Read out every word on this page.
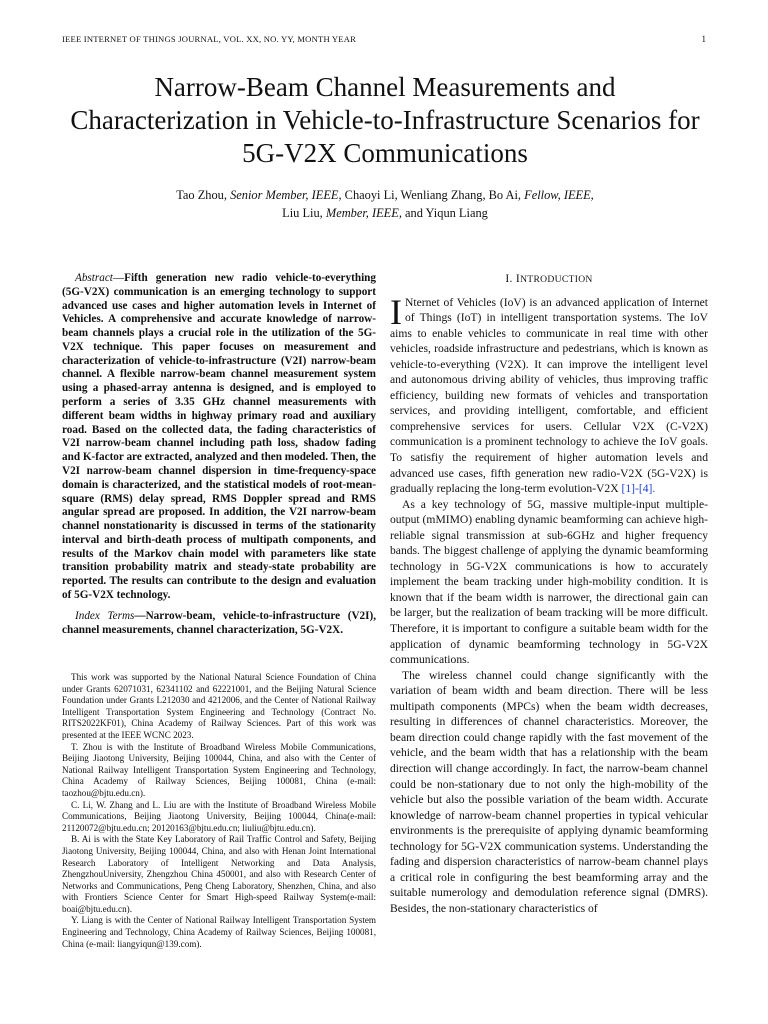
IEEE INTERNET OF THINGS JOURNAL, VOL. XX, NO. YY, MONTH YEAR	1
Narrow-Beam Channel Measurements and Characterization in Vehicle-to-Infrastructure Scenarios for 5G-V2X Communications
Tao Zhou, Senior Member, IEEE, Chaoyi Li, Wenliang Zhang, Bo Ai, Fellow, IEEE,
Liu Liu, Member, IEEE, and Yiqun Liang

Abstract—Fifth generation new radio vehicle-to-everything (5G-V2X) communication is an emerging technology to support advanced use cases and higher automation levels in Internet of Vehicles. A comprehensive and accurate knowledge of narrow-beam channels plays a crucial role in the utilization of the 5G-V2X technique. This paper focuses on measurement and characterization of vehicle-to-infrastructure (V2I) narrow-beam channel. A flexible narrow-beam channel measurement system using a phased-array antenna is designed, and is employed to perform a series of 3.35 GHz channel measurements with different beam widths in highway primary road and auxiliary road. Based on the collected data, the fading characteristics of V2I narrow-beam channel including path loss, shadow fading and K-factor are extracted, analyzed and then modeled. Then, the V2I narrow-beam channel dispersion in time-frequency-space domain is characterized, and the statistical models of root-mean-square (RMS) delay spread, RMS Doppler spread and RMS angular spread are proposed. In addition, the V2I narrow-beam channel nonstationarity is discussed in terms of the stationarity interval and birth-death process of multipath components, and results of the Markov chain model with parameters like state transition probability matrix and steady-state probability are reported. The results can contribute to the design and evaluation of 5G-V2X technology.

Index Terms—Narrow-beam, vehicle-to-infrastructure (V2I), channel measurements, channel characterization, 5G-V2X.

This work was supported by the National Natural Science Foundation of China under Grants 62071031, 62341102 and 62221001, and the Beijing Natural Science Foundation under Grants L212030 and 4212006, and the Center of National Railway Intelligent Transportation System Engineering and Technology (Contract No. RITS2022KF01), China Academy of Railway Sciences. Part of this work was presented at the IEEE WCNC 2023.

T. Zhou is with the Institute of Broadband Wireless Mobile Communications, Beijing Jiaotong University, Beijing 100044, China, and also with the Center of National Railway Intelligent Transportation System Engineering and Technology, China Academy of Railway Sciences, Beijing 100081, China (e-mail: taozhou@bjtu.edu.cn).

C. Li, W. Zhang and L. Liu are with the Institute of Broadband Wireless Mobile Communications, Beijing Jiaotong University, Beijing 100044, China(e-mail: 21120072@bjtu.edu.cn; 20120163@bjtu.edu.cn; liuliu@bjtu.edu.cn).

B. Ai is with the State Key Laboratory of Rail Traffic Control and Safety, Beijing Jiaotong University, Beijing 100044, China, and also with Henan Joint International Research Laboratory of Intelligent Networking and Data Analysis, ZhengzhouUniversity, Zhengzhou China 450001, and also with Research Center of Networks and Communications, Peng Cheng Laboratory, Shenzhen, China, and also with Frontiers Science Center for Smart High-speed Railway System(e-mail: boai@bjtu.edu.cn).

Y. Liang is with the Center of National Railway Intelligent Transportation System Engineering and Technology, China Academy of Railway Sciences, Beijing 100081, China (e-mail: liangyiqun@139.com).

I. INTRODUCTION

I Nternet of Vehicles (IoV) is an advanced application of Internet of Things (IoT) in intelligent transportation systems. The IoV aims to enable vehicles to communicate in real time with other vehicles, roadside infrastructure and pedestrians, which is known as vehicle-to-everything (V2X). It can improve the intelligent level and autonomous driving ability of vehicles, thus improving traffic efficiency, building new formats of vehicles and transportation services, and providing intelligent, comfortable, and efficient comprehensive services for users. Cellular V2X (C-V2X) communication is a prominent technology to achieve the IoV goals. To satisfiy the requirement of higher automation levels and advanced use cases, fifth generation new radio-V2X (5G-V2X) is gradually replacing the long-term evolution-V2X [1]-[4].

As a key technology of 5G, massive multiple-input multiple-output (mMIMO) enabling dynamic beamforming can achieve high-reliable signal transmission at sub-6GHz and higher frequency bands. The biggest challenge of applying the dynamic beamforming technology in 5G-V2X communications is how to accurately implement the beam tracking under high-mobility condition. It is known that if the beam width is narrower, the directional gain can be larger, but the realization of beam tracking will be more difficult. Therefore, it is important to configure a suitable beam width for the application of dynamic beamforming technology in 5G-V2X communications.

The wireless channel could change significantly with the variation of beam width and beam direction. There will be less multipath components (MPCs) when the beam width decreases, resulting in differences of channel characteristics. Moreover, the beam direction could change rapidly with the fast movement of the vehicle, and the beam width that has a relationship with the beam direction will change accordingly. In fact, the narrow-beam channel could be non-stationary due to not only the high-mobility of the vehicle but also the possible variation of the beam width. Accurate knowledge of narrow-beam channel properties in typical vehicular environments is the prerequisite of applying dynamic beamforming technology for 5G-V2X communication systems. Understanding the fading and dispersion characteristics of narrow-beam channel plays a critical role in configuring the best beamforming array and the suitable numerology and demodulation reference signal (DMRS). Besides, the non-stationary characteristics of
